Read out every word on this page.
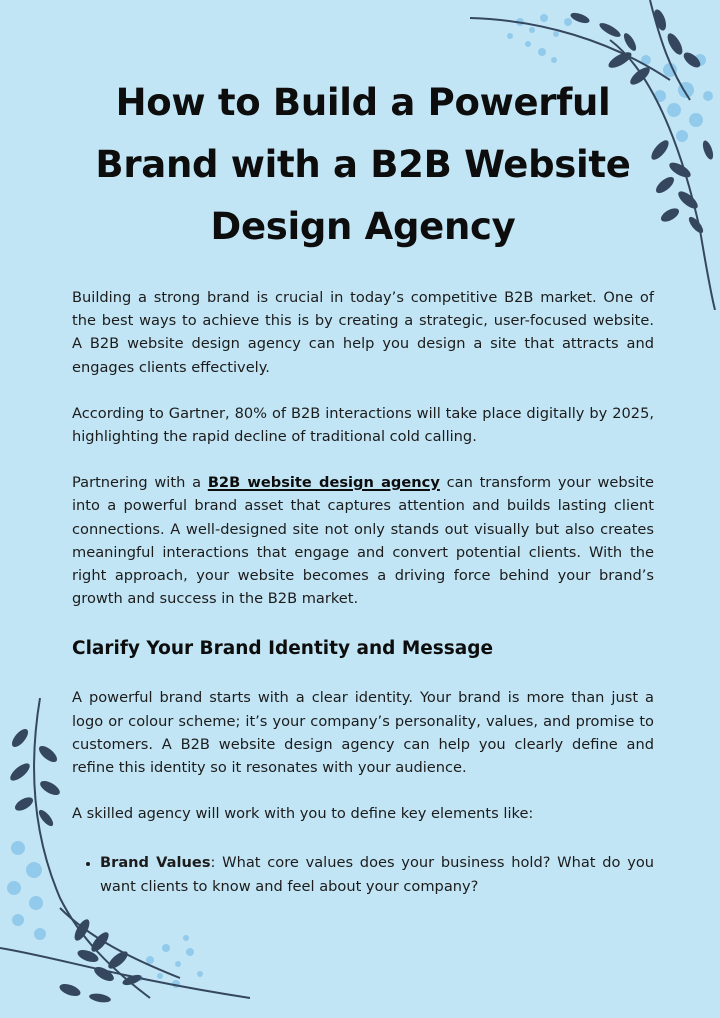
How to Build a Powerful Brand with a B2B Website Design Agency

Building a strong brand is crucial in today’s competitive B2B market. One of the best ways to achieve this is by creating a strategic, user-focused website. A B2B website design agency can help you design a site that attracts and engages clients effectively.

According to Gartner, 80% of B2B interactions will take place digitally by 2025, highlighting the rapid decline of traditional cold calling.

Partnering with a B2B website design agency can transform your website into a powerful brand asset that captures attention and builds lasting client connections. A well-designed site not only stands out visually but also creates meaningful interactions that engage and convert potential clients. With the right approach, your website becomes a driving force behind your brand’s growth and success in the B2B market.

Clarify Your Brand Identity and Message

A powerful brand starts with a clear identity. Your brand is more than just a logo or colour scheme; it’s your company’s personality, values, and promise to customers. A B2B website design agency can help you clearly define and refine this identity so it resonates with your audience.

A skilled agency will work with you to define key elements like:

• Brand Values: What core values does your business hold? What do you want clients to know and feel about your company?
